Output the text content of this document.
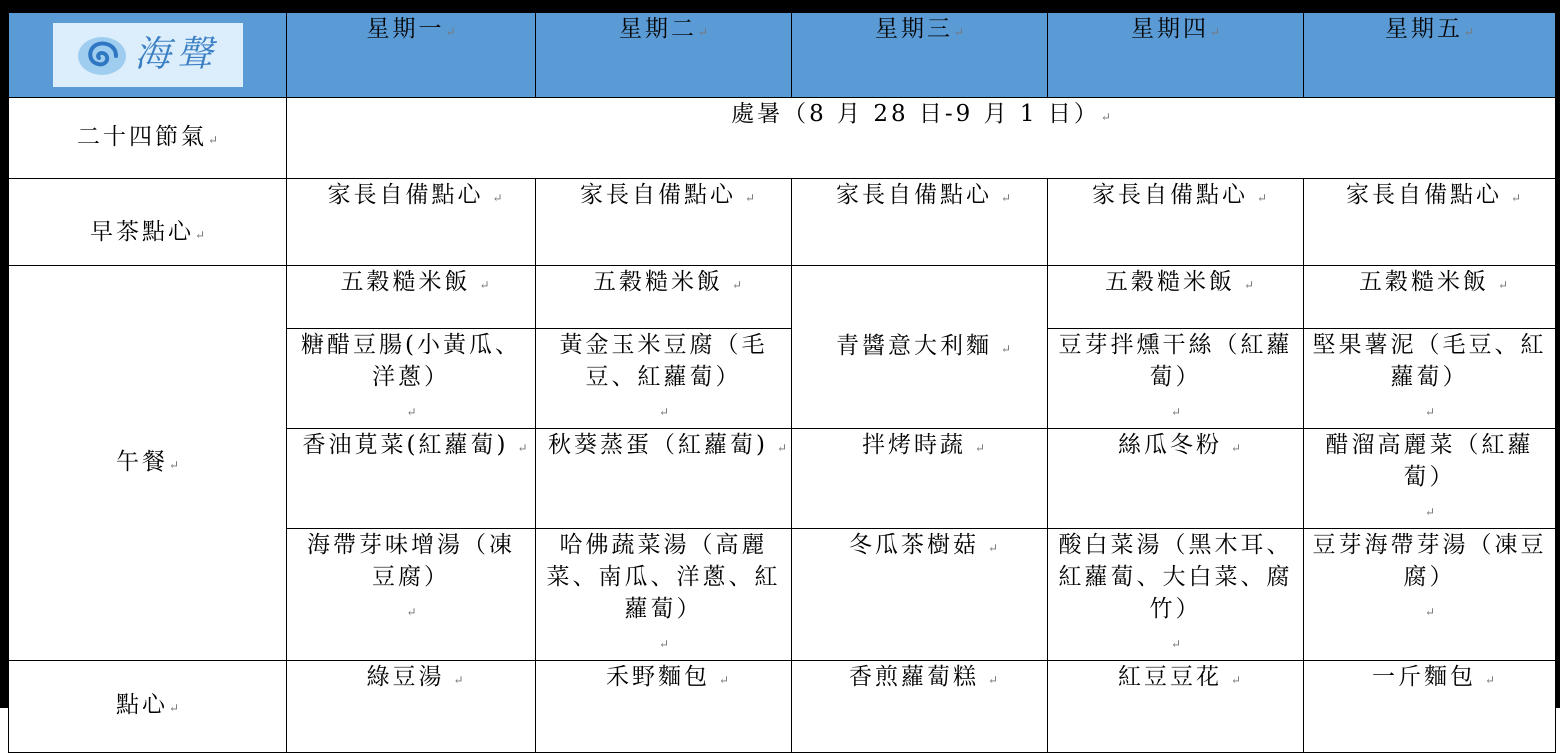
海聲	星期一↵	星期二↵	星期三↵	星期四↵	星期五↵
二十四節氣↵	處暑（8 月 28 日-9 月 1 日）↵				
早茶點心↵	家長自備點心 ↵	家長自備點心 ↵	家長自備點心 ↵	家長自備點心 ↵	家長自備點心 ↵
午餐↵	五穀糙米飯 ↵	五穀糙米飯 ↵	青醬意大利麵 ↵	五穀糙米飯 ↵	五穀糙米飯 ↵
	糖醋豆腸(小黃瓜、洋蔥）↵	黃金玉米豆腐（毛豆、紅蘿蔔）↵		豆芽拌燻干絲（紅蘿蔔）↵	堅果薯泥（毛豆、紅蘿蔔）↵
	香油莧菜(紅蘿蔔) ↵	秋葵蒸蛋（紅蘿蔔) ↵	拌烤時蔬 ↵	絲瓜冬粉 ↵	醋溜高麗菜（紅蘿蔔）↵
	海帶芽味增湯（凍豆腐）↵	哈佛蔬菜湯（高麗菜、南瓜、洋蔥、紅蘿蔔）↵	冬瓜茶樹菇 ↵	酸白菜湯（黑木耳、紅蘿蔔、大白菜、腐竹）↵	豆芽海帶芽湯（凍豆腐）↵
點心↵	綠豆湯 ↵	禾野麵包 ↵	香煎蘿蔔糕 ↵	紅豆豆花 ↵	一斤麵包 ↵
